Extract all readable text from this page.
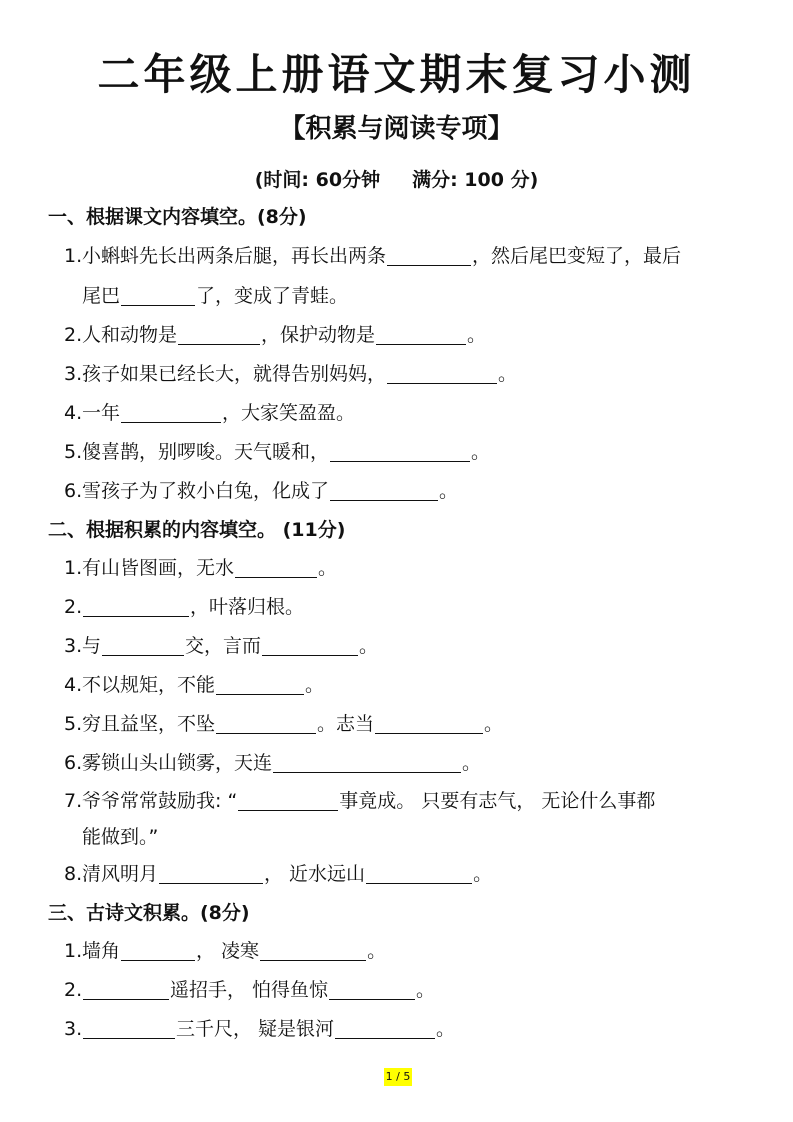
二年级上册语文期末复习小测
【积累与阅读专项】
(时间: 60分钟 满分: 100 分)
一、根据课文内容填空。(8分)
1.小蝌蚪先长出两条后腿，再长出两条	，然后尾巴变短了，最后
尾巴	了，变成了青蛙。
2.人和动物是	，保护动物是	。
3.孩子如果已经长大，就得告别妈妈，	。
4.一年	，大家笑盈盈。
5.傻喜鹊，别啰唆。天气暖和，	。
6.雪孩子为了救小白兔，化成了	。
二、根据积累的内容填空。 (11分)
1.有山皆图画，无水	。
2.	，叶落归根。
3.与	交，言而	。
4.不以规矩，不能	。
5.穷且益坚，不坠	。志当	。
6.雾锁山头山锁雾，天连	。
7.爷爷常常鼓励我: “	事竟成。 只要有志气， 无论什么事都
能做到。”
8.清风明月	， 近水远山	。
三、古诗文积累。(8分)
1.墙角	， 凌寒	。
2.	遥招手， 怕得鱼惊	。
3.	三千尺， 疑是银河	。
1 / 5
